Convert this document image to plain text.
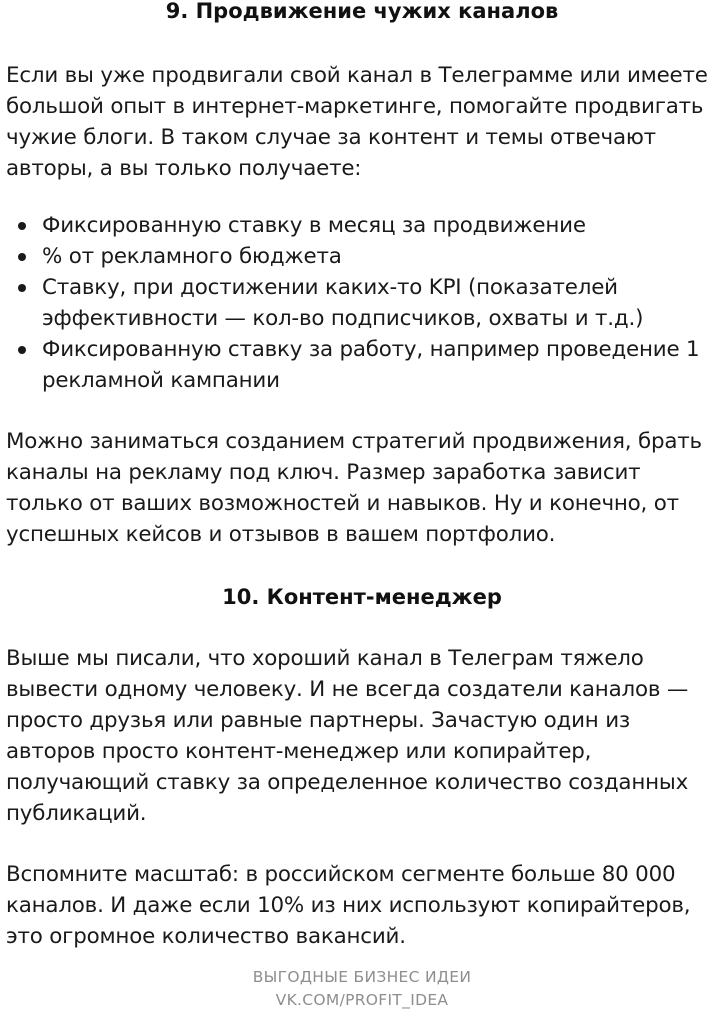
9. Продвижение чужих каналов

Если вы уже продвигали свой канал в Телеграмме или имеете
большой опыт в интернет-маркетинге, помогайте продвигать
чужие блоги. В таком случае за контент и темы отвечают
авторы, а вы только получаете:

Фиксированную ставку в месяц за продвижение
% от рекламного бюджета
Ставку, при достижении каких-то KPI (показателей
эффективности — кол-во подписчиков, охваты и т.д.)
Фиксированную ставку за работу, например проведение 1
рекламной кампании

Можно заниматься созданием стратегий продвижения, брать
каналы на рекламу под ключ. Размер заработка зависит
только от ваших возможностей и навыков. Ну и конечно, от
успешных кейсов и отзывов в вашем портфолио.

10. Контент-менеджер

Выше мы писали, что хороший канал в Телеграм тяжело
вывести одному человеку. И не всегда создатели каналов —
просто друзья или равные партнеры. Зачастую один из
авторов просто контент-менеджер или копирайтер,
получающий ставку за определенное количество созданных
публикаций.

Вспомните масштаб: в российском сегменте больше 80 000
каналов. И даже если 10% из них используют копирайтеров,
это огромное количество вакансий.

ВЫГОДНЫЕ БИЗНЕС ИДЕИ
VK.COM/PROFIT_IDEA
